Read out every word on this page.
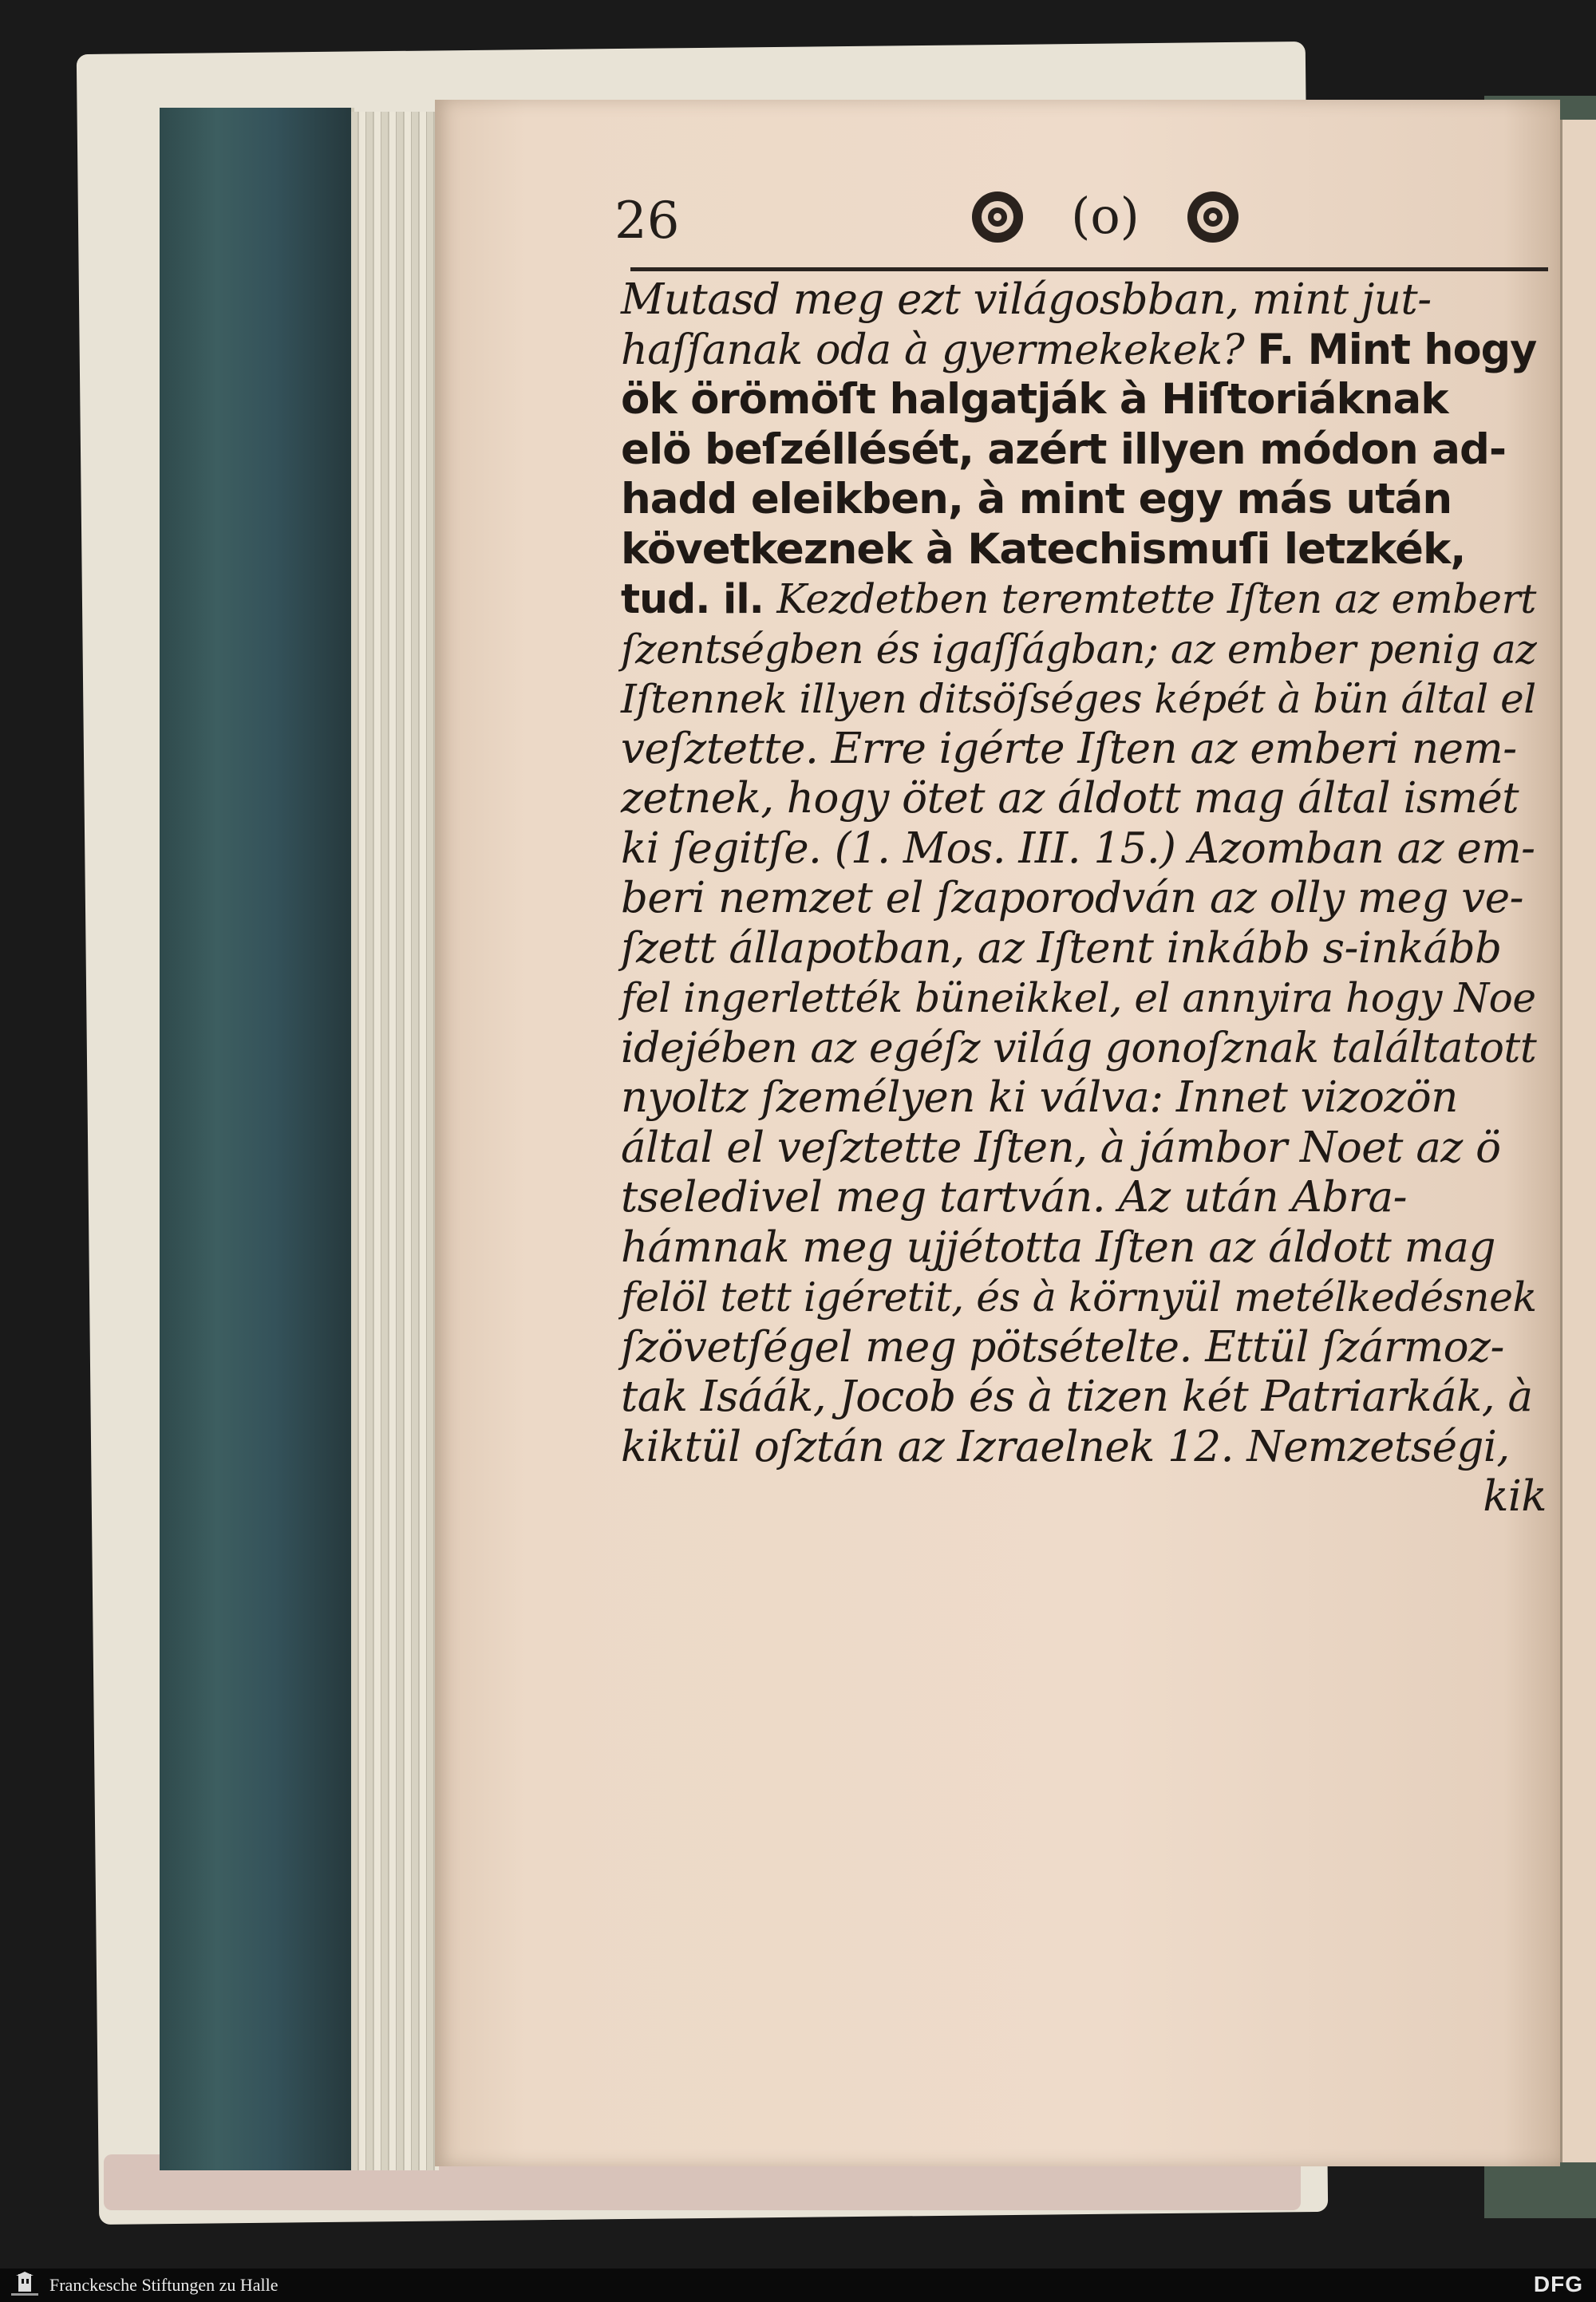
26	(o)
Mutasd meg ezt világosbban, mint jut-
haſſanak oda à gyermekekek? F. Mint hogy
ök örömöſt halgatják à Hiſtoriáknak
elö beſzéllését, azért illyen módon ad-
hadd eleikben, à mint egy más után
következnek à Katechismuſi letzkék,
tud. il. Kezdetben teremtette Iſten az embert
ſzentségben és igaſſágban; az ember penig az
Iſtennek illyen ditsöſséges képét à bün által el
veſztette. Erre igérte Iſten az emberi nem-
zetnek, hogy ötet az áldott mag által ismét
ki ſegitſe. (1. Mos. III. 15.) Azomban az em-
beri nemzet el ſzaporodván az olly meg ve-
ſzett állapotban, az Iſtent inkább s-inkább
fel ingerlették büneikkel, el annyira hogy Noe
idejében az egéſz világ gonoſznak találtatott
nyoltz ſzemélyen ki válva: Innet vizozön
által el veſztette Iſten, à jámbor Noet az ö
tseledivel meg tartván. Az után Abra-
hámnak meg ujjétotta Iſten az áldott mag
felöl tett igéretit, és à környül metélkedésnek
ſzövetſégel meg pötsételte. Ettül ſzármoz-
tak Isáák, Jocob és à tizen két Patriarkák, à
kiktül oſztán az Izraelnek 12. Nemzetségi,
kik
Franckesche Stiftungen zu Halle	DFG
